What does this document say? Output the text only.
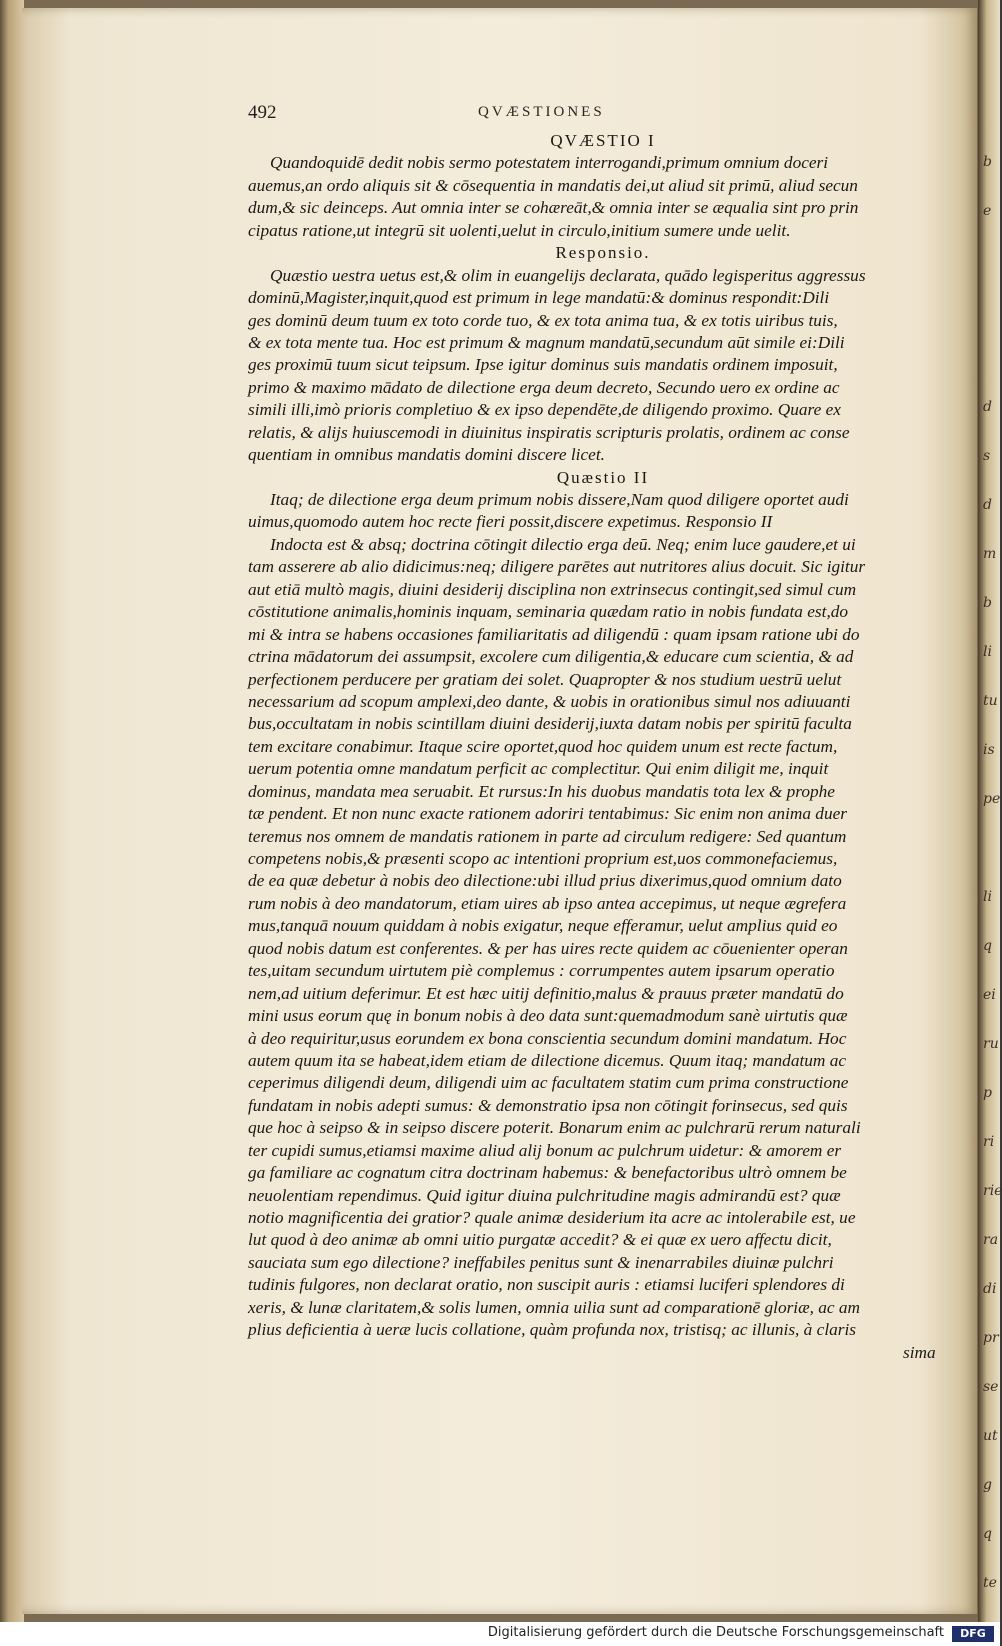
b
e
d
s
d
m
b
li
tu
is
pe
li
q
ei
ru
p
ri
rie
ra
di
pr
se
ut
g
q
te
492	QVÆSTIONES
QVÆSTIO I
Quandoquidē dedit nobis sermo potestatem interrogandi,primum omnium doceri
auemus,an ordo aliquis sit & cōsequentia in mandatis dei,ut aliud sit primū, aliud secun
dum,& sic deinceps. Aut omnia inter se cohæreāt,& omnia inter se æqualia sint pro prin
cipatus ratione,ut integrū sit uolenti,uelut in circulo,initium sumere unde uelit.
Responsio.
Quæstio uestra uetus est,& olim in euangelijs declarata, quādo legisperitus aggressus
dominū,Magister,inquit,quod est primum in lege mandatū:& dominus respondit:Dili
ges dominū deum tuum ex toto corde tuo, & ex tota anima tua, & ex totis uiribus tuis,
& ex tota mente tua. Hoc est primum & magnum mandatū,secundum aūt simile ei:Dili
ges proximū tuum sicut teipsum. Ipse igitur dominus suis mandatis ordinem imposuit,
primo & maximo mādato de dilectione erga deum decreto, Secundo uero ex ordine ac
simili illi,imò prioris completiuo & ex ipso dependēte,de diligendo proximo. Quare ex
relatis, & alijs huiuscemodi in diuinitus inspiratis scripturis prolatis, ordinem ac conse
quentiam in omnibus mandatis domini discere licet.
Quæstio II
Itaq; de dilectione erga deum primum nobis dissere,Nam quod diligere oportet audi
uimus,quomodo autem hoc recte fieri possit,discere expetimus. Responsio II
Indocta est & absq; doctrina cōtingit dilectio erga deū. Neq; enim luce gaudere,et ui
tam asserere ab alio didicimus:neq; diligere parētes aut nutritores alius docuit. Sic igitur
aut etiā multò magis, diuini desiderij disciplina non extrinsecus contingit,sed simul cum
cōstitutione animalis,hominis inquam, seminaria quædam ratio in nobis fundata est,do
mi & intra se habens occasiones familiaritatis ad diligendū : quam ipsam ratione ubi do
ctrina mādatorum dei assumpsit, excolere cum diligentia,& educare cum scientia, & ad
perfectionem perducere per gratiam dei solet. Quapropter & nos studium uestrū uelut
necessarium ad scopum amplexi,deo dante, & uobis in orationibus simul nos adiuuanti
bus,occultatam in nobis scintillam diuini desiderij,iuxta datam nobis per spiritū faculta
tem excitare conabimur. Itaque scire oportet,quod hoc quidem unum est recte factum,
uerum potentia omne mandatum perficit ac complectitur. Qui enim diligit me, inquit
dominus, mandata mea seruabit. Et rursus:In his duobus mandatis tota lex & prophe
tæ pendent. Et non nunc exacte rationem adoriri tentabimus: Sic enim non anima duer
teremus nos omnem de mandatis rationem in parte ad circulum redigere: Sed quantum
competens nobis,& præsenti scopo ac intentioni proprium est,uos commonefaciemus,
de ea quæ debetur à nobis deo dilectione:ubi illud prius dixerimus,quod omnium dato
rum nobis à deo mandatorum, etiam uires ab ipso antea accepimus, ut neque ægrefera
mus,tanquā nouum quiddam à nobis exigatur, neque efferamur, uelut amplius quid eo
quod nobis datum est conferentes. & per has uires recte quidem ac cōuenienter operan
tes,uitam secundum uirtutem piè complemus : corrumpentes autem ipsarum operatio
nem,ad uitium deferimur. Et est hæc uitij definitio,malus & prauus præter mandatū do
mini usus eorum quę in bonum nobis à deo data sunt:quemadmodum sanè uirtutis quæ
à deo requiritur,usus eorundem ex bona conscientia secundum domini mandatum. Hoc
autem quum ita se habeat,idem etiam de dilectione dicemus. Quum itaq; mandatum ac
ceperimus diligendi deum, diligendi uim ac facultatem statim cum prima constructione
fundatam in nobis adepti sumus: & demonstratio ipsa non cōtingit forinsecus, sed quis
que hoc à seipso & in seipso discere poterit. Bonarum enim ac pulchrarū rerum naturali
ter cupidi sumus,etiamsi maxime aliud alij bonum ac pulchrum uidetur: & amorem er
ga familiare ac cognatum citra doctrinam habemus: & benefactoribus ultrò omnem be
neuolentiam rependimus. Quid igitur diuina pulchritudine magis admirandū est? quæ
notio magnificentia dei gratior? quale animæ desiderium ita acre ac intolerabile est, ue
lut quod à deo animæ ab omni uitio purgatæ accedit? & ei quæ ex uero affectu dicit,
sauciata sum ego dilectione? ineffabiles penitus sunt & inenarrabiles diuinæ pulchri
tudinis fulgores, non declarat oratio, non suscipit auris : etiamsi luciferi splendores di
xeris, & lunæ claritatem,& solis lumen, omnia uilia sunt ad comparationē gloriæ, ac am
plius deficientia à ueræ lucis collatione, quàm profunda nox, tristisq; ac illunis, à claris
sima
Digitalisierung gefördert durch die Deutsche Forschungsgemeinschaft	DFG
